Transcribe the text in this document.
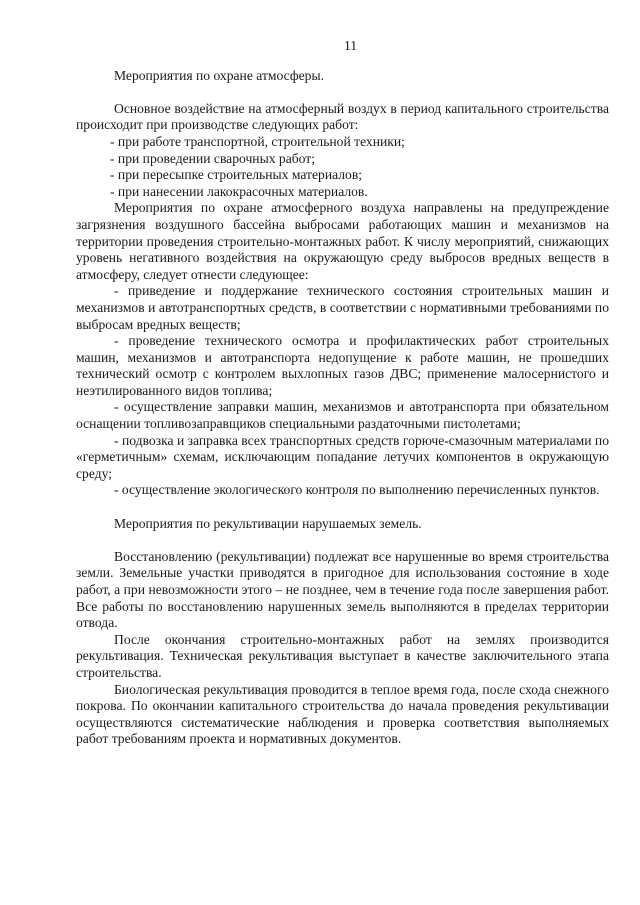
11

Мероприятия по охране атмосферы.

Основное воздействие на атмосферный воздух в период капитального строительства происходит при производстве следующих работ:

- при работе транспортной, строительной техники;

- при проведении сварочных работ;

- при пересыпке строительных материалов;

- при нанесении лакокрасочных материалов.

Мероприятия по охране атмосферного воздуха направлены на предупреждение загрязнения воздушного бассейна выбросами работающих машин и механизмов на территории проведения строительно-монтажных работ. К числу мероприятий, снижающих уровень негативного воздействия на окружающую среду выбросов вредных веществ в атмосферу, следует отнести следующее:

- приведение и поддержание технического состояния строительных машин и механизмов и автотранспортных средств, в соответствии с нормативными требованиями по выбросам вредных веществ;

- проведение технического осмотра и профилактических работ строительных машин, механизмов и автотранспорта недопущение к работе машин, не прошедших технический осмотр с контролем выхлопных газов ДВС; применение малосернистого и неэтилированного видов топлива;

- осуществление заправки машин, механизмов и автотранспорта при обязательном оснащении топливозаправщиков специальными раздаточными пистолетами;

- подвозка и заправка всех транспортных средств горюче-смазочным материалами по «герметичным» схемам, исключающим попадание летучих компонентов в окружающую среду;

- осуществление экологического контроля по выполнению перечисленных пунктов.

Мероприятия по рекультивации нарушаемых земель.

Восстановлению (рекультивации) подлежат все нарушенные во время строительства земли. Земельные участки приводятся в пригодное для использования состояние в ходе работ, а при невозможности этого – не позднее, чем в течение года после завершения работ. Все работы по восстановлению нарушенных земель выполняются в пределах территории отвода.

После окончания строительно-монтажных работ на землях производится рекультивация. Техническая рекультивация выступает в качестве заключительного этапа строительства.

Биологическая рекультивация проводится в теплое время года, после схода снежного покрова. По окончании капитального строительства до начала проведения рекультивации осуществляются систематические наблюдения и проверка соответствия выполняемых работ требованиям проекта и нормативных документов.
